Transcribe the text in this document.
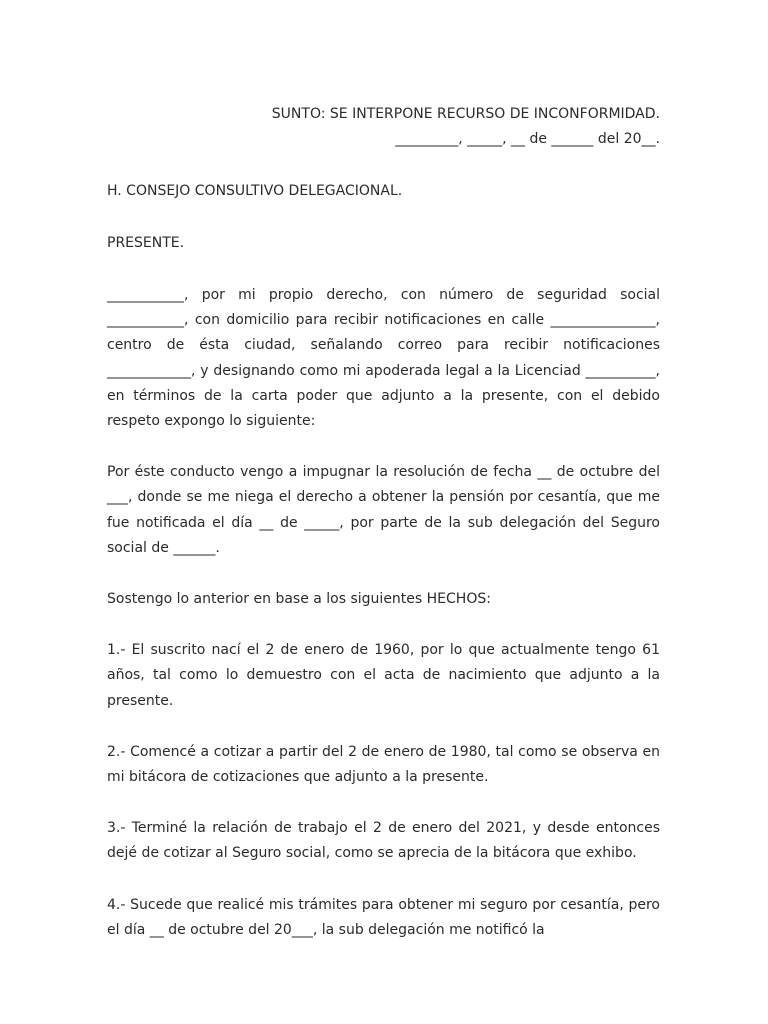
SUNTO: SE INTERPONE RECURSO DE INCONFORMIDAD.

_________, _____, __ de ______ del 20__.

H. CONSEJO CONSULTIVO DELEGACIONAL.

PRESENTE.

___________, por mi propio derecho, con número de seguridad social ___________, con domicilio para recibir notificaciones en calle _______________, centro de ésta ciudad, señalando correo para recibir notificaciones ____________, y designando como mi apoderada legal a la Licenciad __________, en términos de la carta poder que adjunto a la presente, con el debido respeto expongo lo siguiente:

Por éste conducto vengo a impugnar la resolución de fecha __ de octubre del ___, donde se me niega el derecho a obtener la pensión por cesantía, que me fue notificada el día __ de _____, por parte de la sub delegación del Seguro social de ______.

Sostengo lo anterior en base a los siguientes HECHOS:

1.- El suscrito nací el 2 de enero de 1960, por lo que actualmente tengo 61 años, tal como lo demuestro con el acta de nacimiento que adjunto a la presente.

2.- Comencé a cotizar a partir del 2 de enero de 1980, tal como se observa en mi bitácora de cotizaciones que adjunto a la presente.

3.- Terminé la relación de trabajo el 2 de enero del 2021, y desde entonces dejé de cotizar al Seguro social, como se aprecia de la bitácora que exhibo.

4.- Sucede que realicé mis trámites para obtener mi seguro por cesantía, pero el día __ de octubre del 20___, la sub delegación me notificó la
